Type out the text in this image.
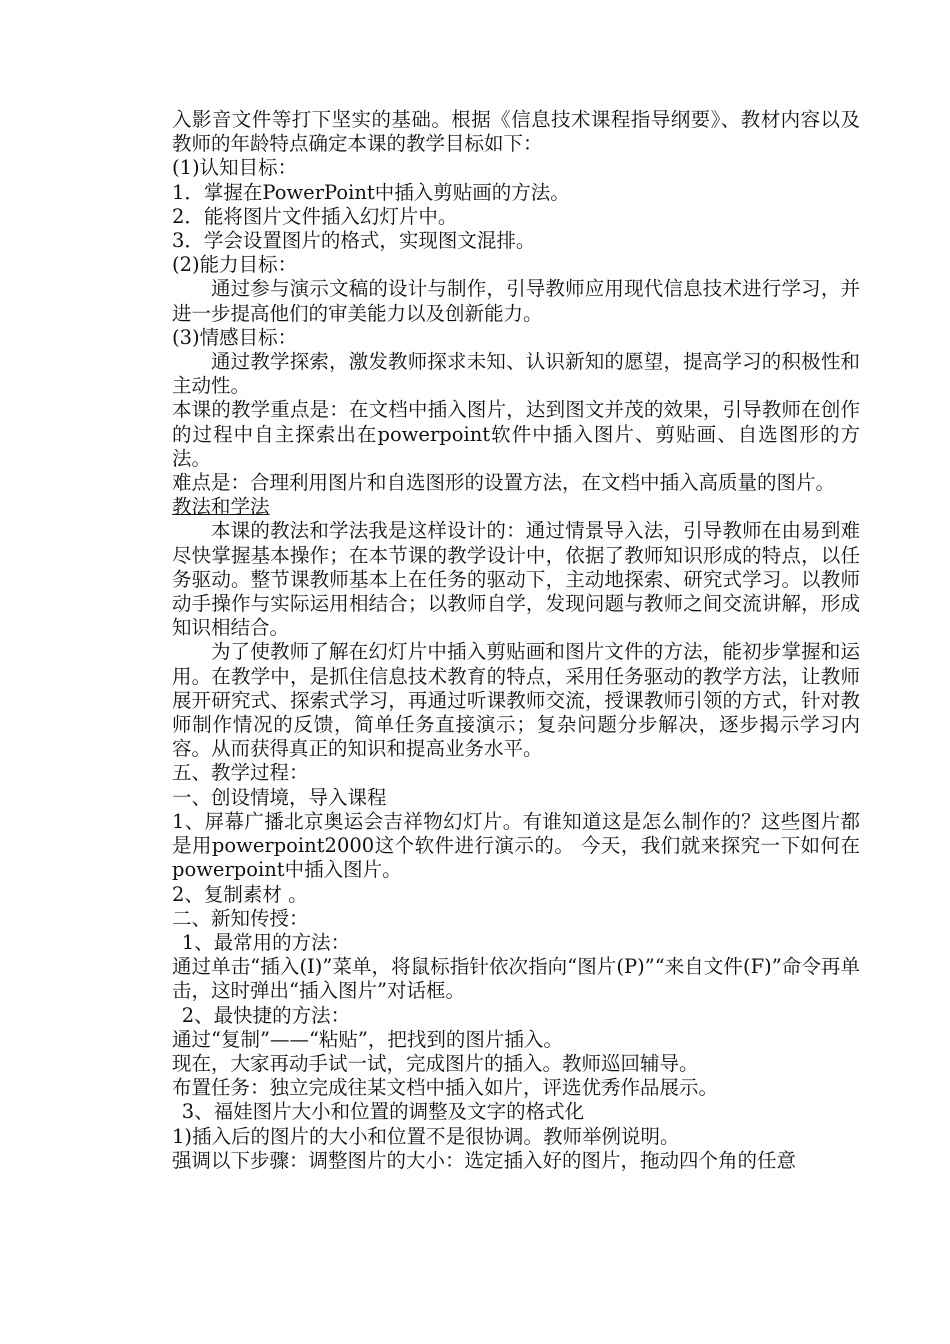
入影音文件等打下坚实的基础。根据《信息技术课程指导纲要》、教材内容以及教师的年龄特点确定本课的教学目标如下：

(1)认知目标：

1．掌握在PowerPoint中插入剪贴画的方法。

2．能将图片文件插入幻灯片中。

3．学会设置图片的格式，实现图文混排。

(2)能力目标：

通过参与演示文稿的设计与制作，引导教师应用现代信息技术进行学习，并进一步提高他们的审美能力以及创新能力。

(3)情感目标：

通过教学探索，激发教师探求未知、认识新知的愿望，提高学习的积极性和主动性。

本课的教学重点是：在文档中插入图片，达到图文并茂的效果，引导教师在创作的过程中自主探索出在powerpoint软件中插入图片、剪贴画、自选图形的方法。

难点是：合理利用图片和自选图形的设置方法，在文档中插入高质量的图片。

教法和学法

本课的教法和学法我是这样设计的：通过情景导入法，引导教师在由易到难尽快掌握基本操作；在本节课的教学设计中，依据了教师知识形成的特点，以任务驱动。整节课教师基本上在任务的驱动下，主动地探索、研究式学习。以教师动手操作与实际运用相结合；以教师自学，发现问题与教师之间交流讲解，形成知识相结合。

为了使教师了解在幻灯片中插入剪贴画和图片文件的方法，能初步掌握和运用。在教学中，是抓住信息技术教育的特点，采用任务驱动的教学方法，让教师展开研究式、探索式学习，再通过听课教师交流，授课教师引领的方式，针对教师制作情况的反馈，简单任务直接演示；复杂问题分步解决，逐步揭示学习内容。从而获得真正的知识和提高业务水平。

五、教学过程：

一、创设情境，导入课程

1、屏幕广播北京奥运会吉祥物幻灯片。有谁知道这是怎么制作的？这些图片都是用powerpoint2000这个软件进行演示的。 今天，我们就来探究一下如何在powerpoint中插入图片。

2、复制素材 。

二、新知传授：

1、最常用的方法：

通过单击“插入(I)”菜单，将鼠标指针依次指向“图片(P)”“来自文件(F)”命令再单击，这时弹出“插入图片”对话框。

2、最快捷的方法：

通过“复制”——“粘贴”，把找到的图片插入。

现在，大家再动手试一试，完成图片的插入。教师巡回辅导。

布置任务：独立完成往某文档中插入如片，评选优秀作品展示。

3、福娃图片大小和位置的调整及文字的格式化

1)插入后的图片的大小和位置不是很协调。教师举例说明。

强调以下步骤：调整图片的大小：选定插入好的图片，拖动四个角的任意
